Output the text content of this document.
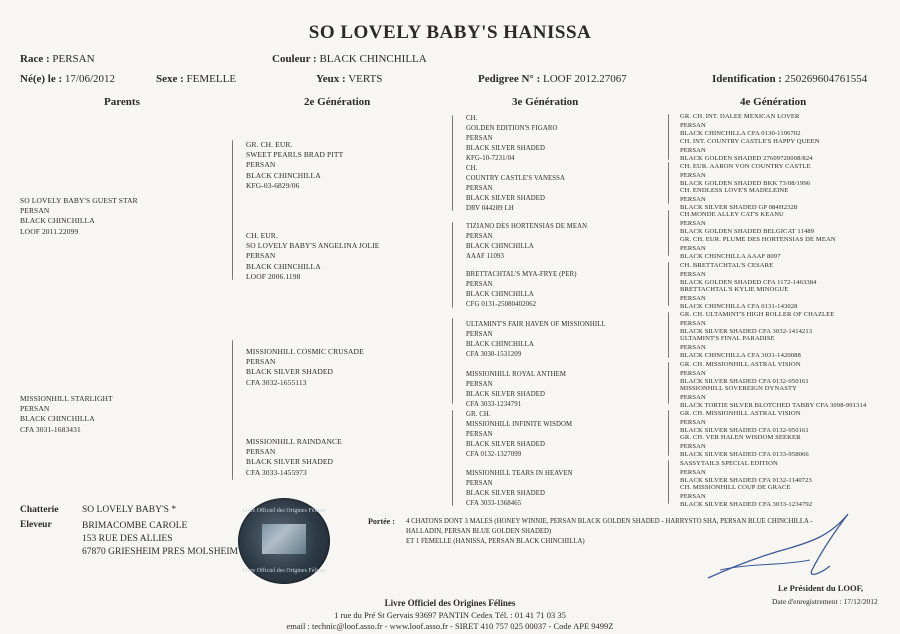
SO LOVELY BABY'S HANISSA
Race : PERSAN	Couleur : BLACK CHINCHILLA
Né(e) le : 17/06/2012	Sexe : FEMELLE	Yeux : VERTS	Pedigree N° : LOOF 2012.27067	Identification : 250269604761554
Parents	2e Génération	3e Génération	4e Génération
SO LOVELY BABY'S GUEST STAR
PERSAN
BLACK CHINCHILLA
LOOF 2011.22099
MISSIONHILL STARLIGHT
PERSAN
BLACK CHINCHILLA
CFA 3031-1683431
GR. CH. EUR.
SWEET PEARLS BRAD PITT
PERSAN
BLACK CHINCHILLA
KFG-03-6829/06
CH. EUR.
SO LOVELY BABY'S ANGELINA JOLIE
PERSAN
BLACK CHINCHILLA
LOOF 2006.1198
MISSIONHILL COSMIC CRUSADE
PERSAN
BLACK SILVER SHADED
CFA 3032-1655113
MISSIONHILL RAINDANCE
PERSAN
BLACK SILVER SHADED
CFA 3033-1455973
CH.
GOLDEN EDITION'S FIGARO
PERSAN
BLACK SILVER SHADED
KFG-10-7231/04
CH.
COUNTRY CASTLE'S VANESSA
PERSAN
BLACK SILVER SHADED
DRV 044289 LH
TIZIANO DES HORTENSIAS DE MEAN
PERSAN
BLACK CHINCHILLA
AAAF 11093
BRETTACHTAL'S MYA-FRYE (PER)
PERSAN
BLACK CHINCHILLA
CFG 0131-25080402062
ULTAMINT'S FAIR HAVEN OF MISSIONHILL
PERSAN
BLACK CHINCHILLA
CFA 3030-1531209
MISSIONHILL ROYAL ANTHEM
PERSAN
BLACK SILVER SHADED
CFA 3033-1234791
GR. CH.
MISSIONHILL INFINITE WISDOM
PERSAN
BLACK SILVER SHADED
CFA 0132-1327099
MISSIONHILL TEARS IN HEAVEN
PERSAN
BLACK SILVER SHADED
CFA 3033-1368465
GR. CH. INT. DALEE MEXICAN LOVER
PERSAN
BLACK CHINCHILLA CFA 0130-1196702
CH. INT. COUNTRY CASTLE'S HAPPY QUEEN
PERSAN
BLACK GOLDEN SHADED 27609720008/824
CH. EUR. AARON VON COUNTRY CASTLE
PERSAN
BLACK GOLDEN SHADED BKK 73/08/1996
CH. ENDLESS LOVE'S MADELEINE
PERSAN
BLACK SILVER SHADED GP 084H2328
CH.MONDE ALLEY CAT'S KEANU
PERSAN
BLACK GOLDEN SHADED BELGICAT 11489
GR. CH. EUR. PLUME DES HORTENSIAS DE MEAN
PERSAN
BLACK CHINCHILLA AAAF 8097
CH. BRETTACHTAL'S CESARE
PERSAN
BLACK GOLDEN SHADED CFA 1172-1463384
BRETTACHTAL'S KYLIE MINOGUE
PERSAN
BLACK CHINCHILLA CFA 0131-143028
GR. CH. ULTAMINT'S HIGH ROLLER OF CHAZLEE
PERSAN
BLACK SILVER SHADED CFA 3032-1414213
ULTAMINT'S FINAL PARADISE
PERSAN
BLACK CHINCHILLA CFA 3031-1420088
GR. CH. MISSIONHILL ASTRAL VISION
PERSAN
BLACK SILVER SHADED CFA 0132-950161
MISSIONHILL SOVEREIGN DYNASTY
PERSAN
BLACK TORTIE SILVER BLOTCHED TABBY CFA 3098-991314
GR. CH. MISSIONHILL ASTRAL VISION
PERSAN
BLACK SILVER SHADED CFA 0132-950161
GR. CH. VER HALEN WISDOM SEEKER
PERSAN
BLACK SILVER SHADED CFA 0133-958066
SASSYTAILS SPECIAL EDITION
PERSAN
BLACK SILVER SHADED CFA 0132-1140723
CH. MISSIONHILL COUP DE GRACE
PERSAN
BLACK SILVER SHADED CFA 3033-1234792
Chatterie SO LOVELY BABY'S *
Eleveur	BRIMACOMBE CAROLE
153 RUE DES ALLIES
67870 GRIESHEIM PRES MOLSHEIM
Livre Officiel des Origines Félines
Livre Officiel des Origines Félines
Portée : 4 CHATONS DONT 3 MALES (HONEY WINNIE, PERSAN BLACK GOLDEN SHADED - HARRYSTO SHA, PERSAN BLUE CHINCHILLA -
HALLADIN, PERSAN BLUE GOLDEN SHADED)
ET 1 FEMELLE (HANISSA, PERSAN BLACK CHINCHILLA)
Le Président du LOOF,
Date d'enregistrement : 17/12/2012
Livre Officiel des Origines Félines
1 rue du Pré St Gervais 93697 PANTIN Cedex Tél. : 01 41 71 03 35
email : technic@loof.asso.fr - www.loof.asso.fr - SIRET 410 757 025 00037 - Code APE 9499Z
